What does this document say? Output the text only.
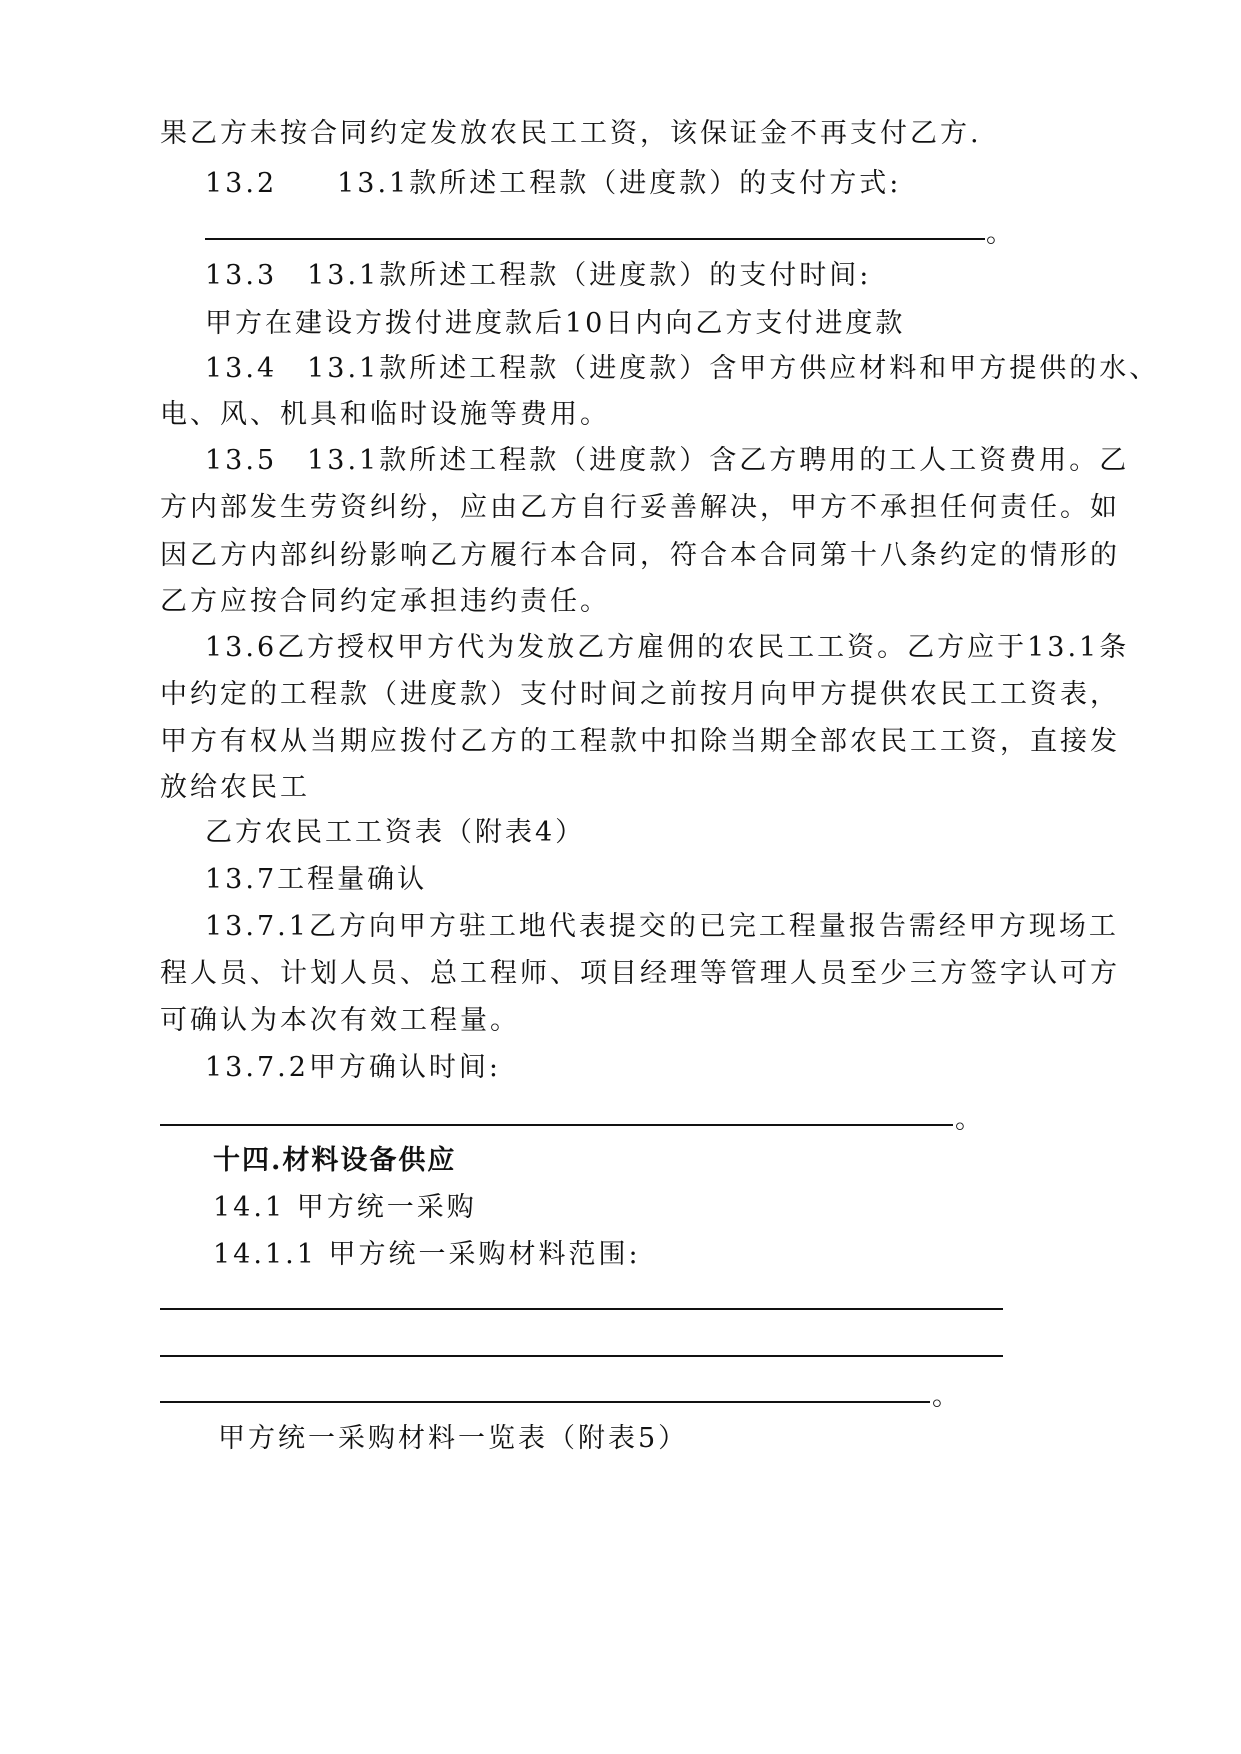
果乙方未按合同约定发放农民工工资，该保证金不再支付乙方.
13.2　　13.1款所述工程款（进度款）的支付方式:
。
13.3　13.1款所述工程款（进度款）的支付时间:
甲方在建设方拨付进度款后10日内向乙方支付进度款
13.4　13.1款所述工程款（进度款）含甲方供应材料和甲方提供的水、
电、风、机具和临时设施等费用。
13.5　13.1款所述工程款（进度款）含乙方聘用的工人工资费用。乙
方内部发生劳资纠纷，应由乙方自行妥善解决，甲方不承担任何责任。如
因乙方内部纠纷影响乙方履行本合同，符合本合同第十八条约定的情形的
乙方应按合同约定承担违约责任。
13.6乙方授权甲方代为发放乙方雇佣的农民工工资。乙方应于13.1条
中约定的工程款（进度款）支付时间之前按月向甲方提供农民工工资表，
甲方有权从当期应拨付乙方的工程款中扣除当期全部农民工工资，直接发
放给农民工
乙方农民工工资表（附表4）
13.7工程量确认
13.7.1乙方向甲方驻工地代表提交的已完工程量报告需经甲方现场工
程人员、计划人员、总工程师、项目经理等管理人员至少三方签字认可方
可确认为本次有效工程量。
13.7.2甲方确认时间:
。
十四.材料设备供应
14.1 甲方统一采购
14.1.1 甲方统一采购材料范围:
。
甲方统一采购材料一览表（附表5）
